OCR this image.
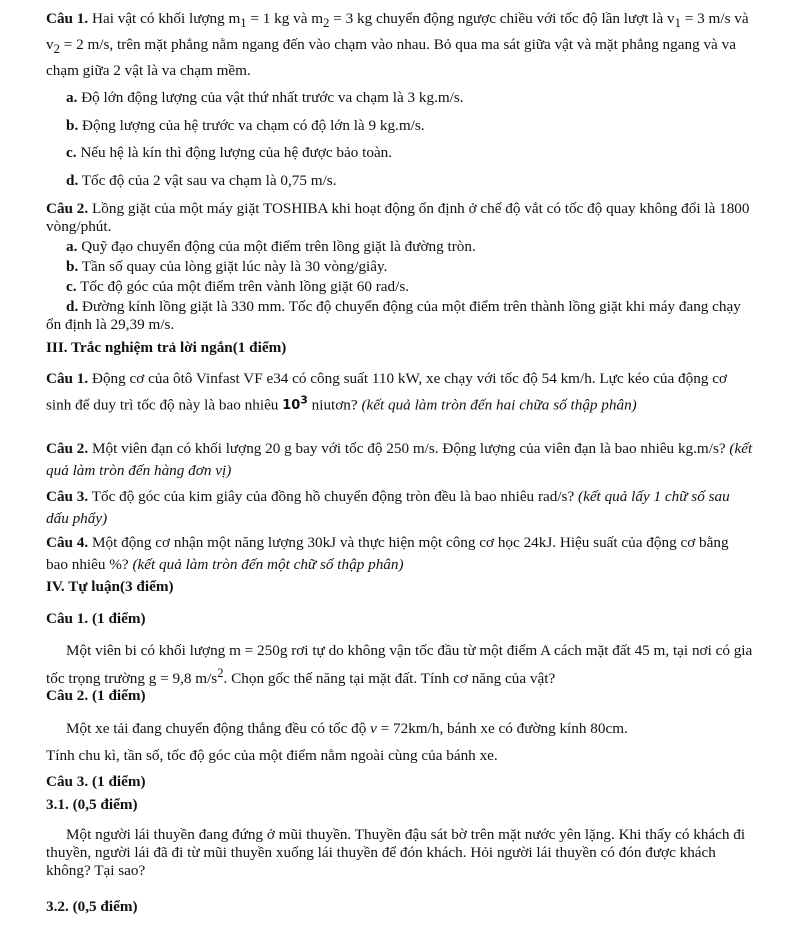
Câu 1. Hai vật có khối lượng $m_1 = 1$ kg và $m_2 = 3$ kg chuyển động ngược chiều với tốc độ lần lượt là $v_1 = 3$ m/s và $v_2 = 2$ m/s, trên mặt phẳng nằm ngang đến vào chạm vào nhau. Bỏ qua ma sát giữa vật và mặt phẳng ngang và va chạm giữa 2 vật là va chạm mềm.

a. Độ lớn động lượng của vật thứ nhất trước va chạm là 3 kg.m/s.
b. Động lượng của hệ trước va chạm có độ lớn là 9 kg.m/s.
c. Nếu hệ là kín thì động lượng của hệ được bảo toàn.
d. Tốc độ của 2 vật sau va chạm là 0,75 m/s.

Câu 2. Lồng giặt của một máy giặt TOSHIBA khi hoạt động ổn định ở chế độ vắt có tốc độ quay không đổi là 1800 vòng/phút.

a. Quỹ đạo chuyển động của một điểm trên lồng giặt là đường tròn.
b. Tần số quay của lòng giặt lúc này là 30 vòng/giây.
c. Tốc độ góc của một điểm trên vành lồng giặt 60 rad/s.
d. Đường kính lồng giặt là 330 mm. Tốc độ chuyển động của một điểm trên thành lồng giặt khi máy đang chạy ổn định là 29,39 m/s.
III. Trắc nghiệm trả lời ngắn(1 điểm)

Câu 1. Động cơ của ôtô Vinfast VF e34 có công suất 110 kW, xe chạy với tốc độ 54 km/h. Lực kéo của động cơ sinh để duy trì tốc độ này là bao nhiêu $10^3$ niutơn? (kết quả làm tròn đến hai chữa số thập phân)

Câu 2. Một viên đạn có khối lượng 20 g bay với tốc độ 250 m/s. Động lượng của viên đạn là bao nhiêu kg.m/s? (kết quả làm tròn đến hàng đơn vị)

Câu 3. Tốc độ góc của kim giây của đồng hồ chuyển động tròn đều là bao nhiêu rad/s? (kết quả lấy 1 chữ số sau dấu phẩy)

Câu 4. Một động cơ nhận một năng lượng 30kJ và thực hiện một công cơ học 24kJ. Hiệu suất của động cơ bằng bao nhiêu %? (kết quả làm tròn đến một chữ số thập phân)

IV. Tự luận(3 điểm)
Câu 1. (1 điểm)

Một viên bi có khối lượng m = 250g rơi tự do không vận tốc đầu từ một điểm A cách mặt đất 45 m, tại nơi có gia tốc trọng trường g = 9,8 $m/s^2$. Chọn gốc thế năng tại mặt đất. Tính cơ năng của vật?

Câu 2. (1 điểm)

Một xe tải đang chuyển động thẳng đều có tốc độ v = 72km/h, bánh xe có đường kính 80cm.

Tính chu kì, tần số, tốc độ góc của một điểm nằm ngoài cùng của bánh xe.
Câu 3. (1 điểm)
3.1. (0,5 điểm)

Một người lái thuyền đang đứng ở mũi thuyền. Thuyền đậu sát bờ trên mặt nước yên lặng. Khi thấy có khách đi thuyền, người lái đã đi từ mũi thuyền xuống lái thuyền để đón khách. Hỏi người lái thuyền có đón được khách không? Tại sao?

3.2. (0,5 điểm)
